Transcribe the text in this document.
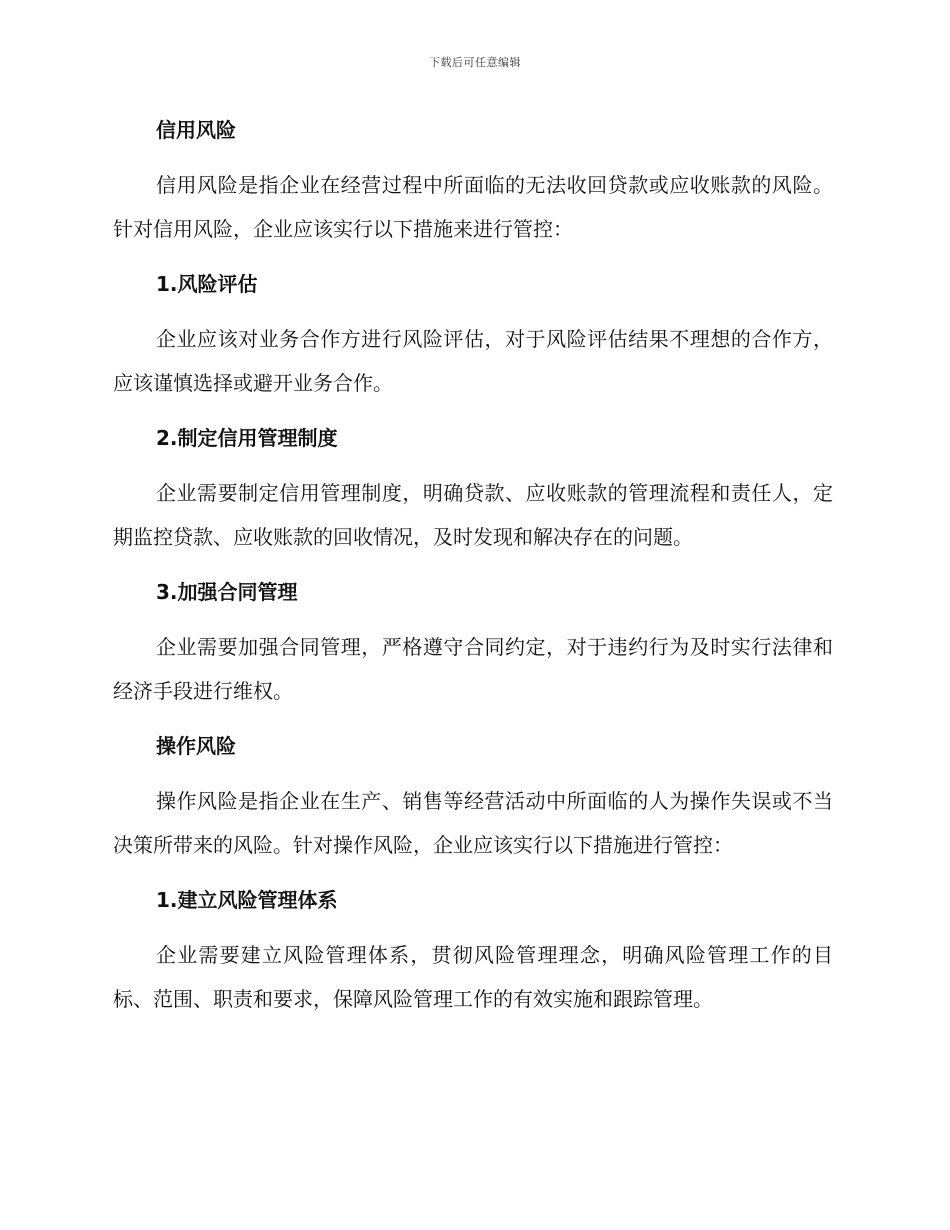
下载后可任意编辑
信用风险

信用风险是指企业在经营过程中所面临的无法收回贷款或应收账款的风险。针对信用风险，企业应该实行以下措施来进行管控：

1.风险评估

企业应该对业务合作方进行风险评估，对于风险评估结果不理想的合作方，应该谨慎选择或避开业务合作。

2.制定信用管理制度

企业需要制定信用管理制度，明确贷款、应收账款的管理流程和责任人，定期监控贷款、应收账款的回收情况，及时发现和解决存在的问题。

3.加强合同管理

企业需要加强合同管理，严格遵守合同约定，对于违约行为及时实行法律和经济手段进行维权。

操作风险

操作风险是指企业在生产、销售等经营活动中所面临的人为操作失误或不当决策所带来的风险。针对操作风险，企业应该实行以下措施进行管控：

1.建立风险管理体系

企业需要建立风险管理体系，贯彻风险管理理念，明确风险管理工作的目标、范围、职责和要求，保障风险管理工作的有效实施和跟踪管理。
